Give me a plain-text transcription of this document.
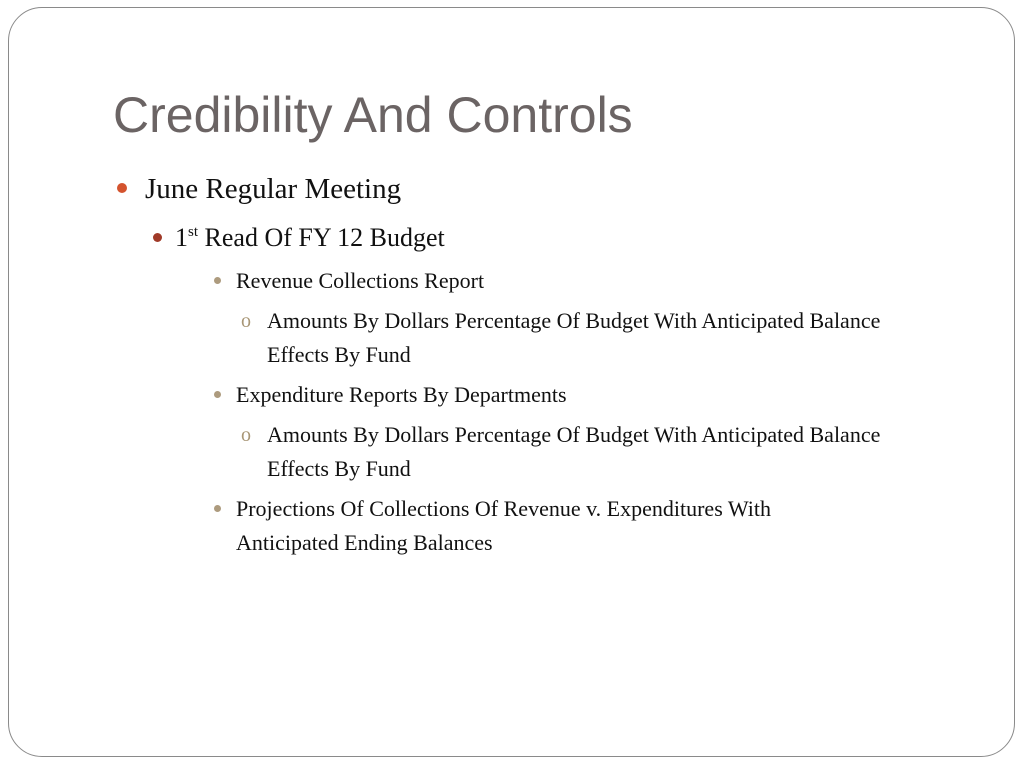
Credibility And Controls
June Regular Meeting
1st Read Of FY 12 Budget
Revenue Collections Report
o Amounts By Dollars Percentage Of Budget With Anticipated Balance Effects By Fund
Expenditure Reports By Departments
o Amounts By Dollars Percentage Of Budget With Anticipated Balance Effects By Fund
Projections Of Collections Of Revenue v. Expenditures With Anticipated Ending Balances
